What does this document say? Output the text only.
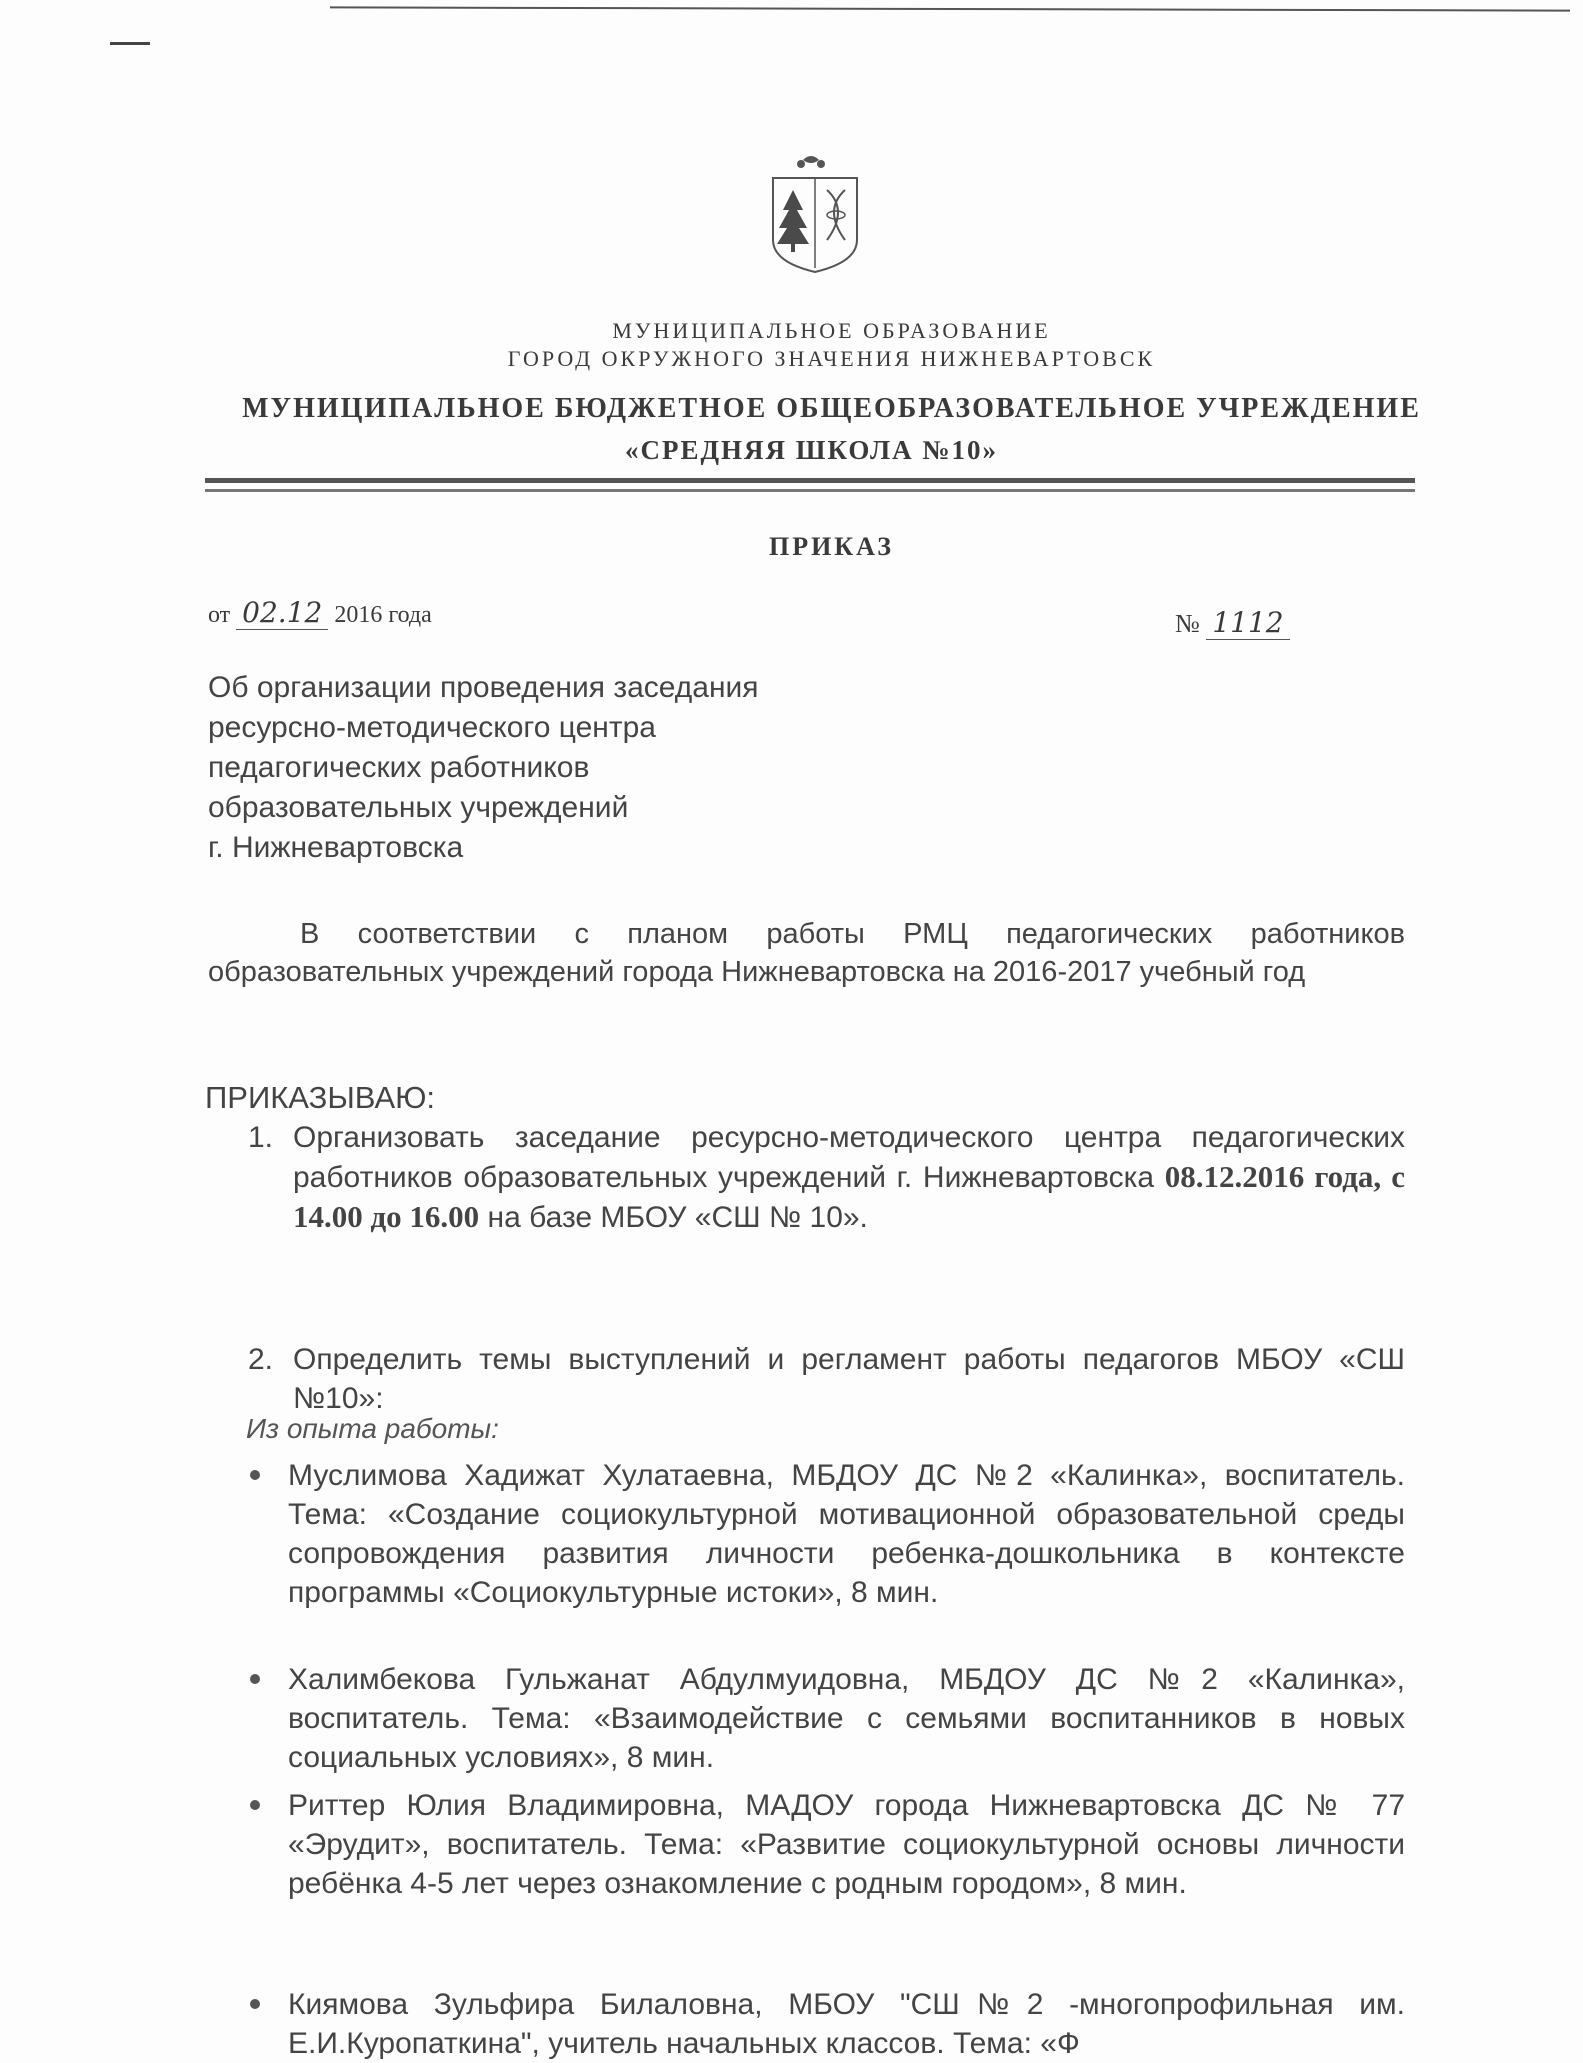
МУНИЦИПАЛЬНОЕ ОБРАЗОВАНИЕ
ГОРОД ОКРУЖНОГО ЗНАЧЕНИЯ НИЖНЕВАРТОВСК
МУНИЦИПАЛЬНОЕ БЮДЖЕТНОЕ ОБЩЕОБРАЗОВАТЕЛЬНОЕ УЧРЕЖДЕНИЕ
«СРЕДНЯЯ ШКОЛА №10»
ПРИКАЗ
от 02.12 2016 года	№ 1112
Об организации проведения заседания
ресурсно-методического центра
педагогических работников
образовательных учреждений
г. Нижневартовска
В соответствии с планом работы РМЦ педагогических работников образовательных учреждений города Нижневартовска на 2016-2017 учебный год
ПРИКАЗЫВАЮ:
1. Организовать заседание ресурсно-методического центра педагогических работников образовательных учреждений г. Нижневартовска 08.12.2016 года, с 14.00 до 16.00 на базе МБОУ «СШ № 10».
2. Определить темы выступлений и регламент работы педагогов МБОУ «СШ №10»:
Из опыта работы:
Муслимова Хадижат Хулатаевна, МБДОУ ДС №2 «Калинка», воспитатель. Тема: «Создание социокультурной мотивационной образовательной среды сопровождения развития личности ребенка-дошкольника в контексте программы «Социокультурные истоки», 8 мин.
Халимбекова Гульжанат Абдулмуидовна, МБДОУ ДС №2 «Калинка», воспитатель. Тема: «Взаимодействие с семьями воспитанников в новых социальных условиях», 8 мин.
Риттер Юлия Владимировна, МАДОУ города Нижневартовска ДС № 77 «Эрудит», воспитатель. Тема: «Развитие социокультурной основы личности ребёнка 4-5 лет через ознакомление с родным городом», 8 мин.
Киямова Зульфира Билаловна, МБОУ "СШ№2 -многопрофильная им. Е.И.Куропаткина", учитель начальных классов. Тема: «Ф
